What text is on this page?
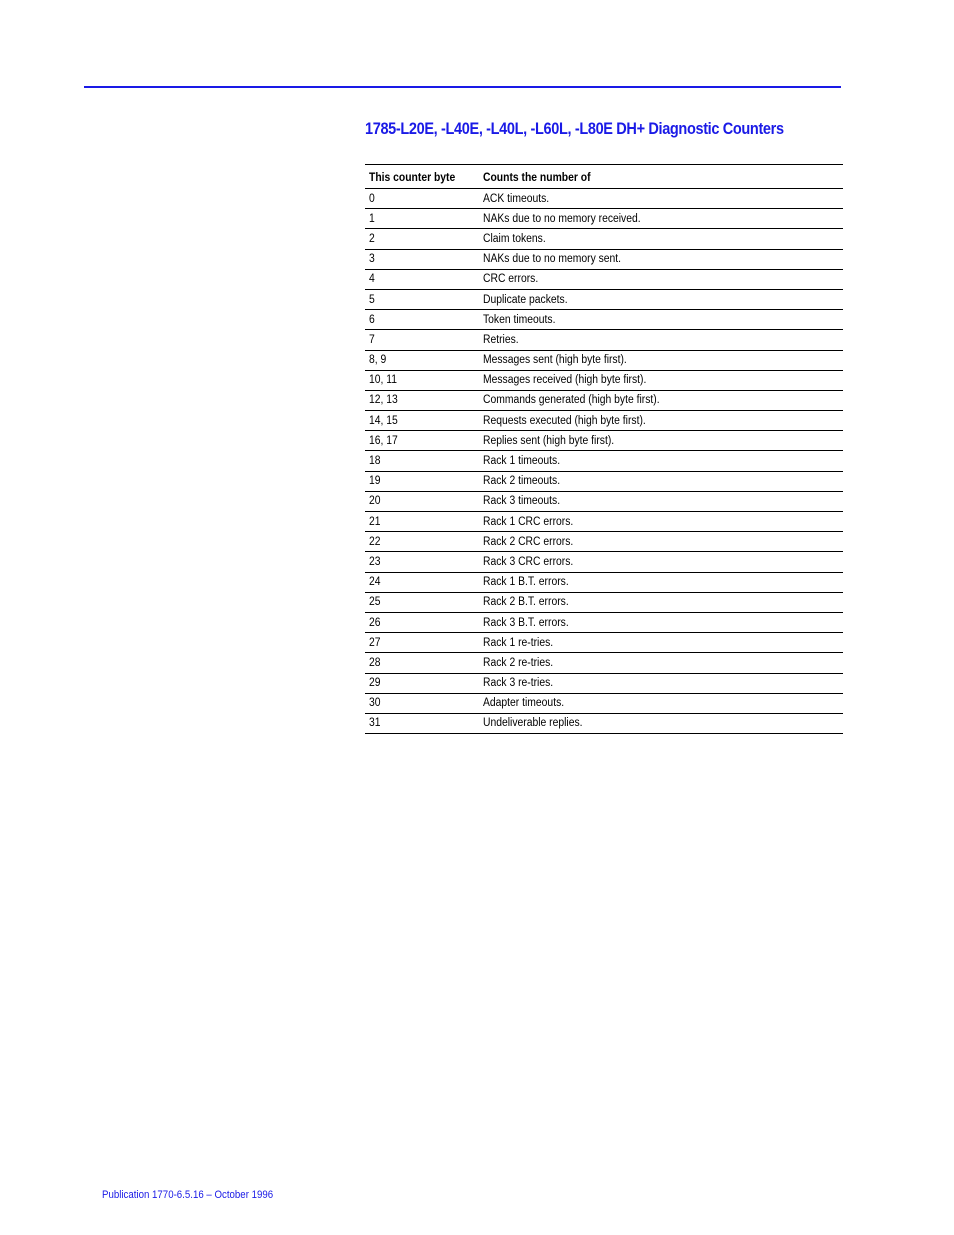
1785-L20E, -L40E, -L40L, -L60L, -L80E DH+ Diagnostic Counters
This counter byte	Counts the number of
0	ACK timeouts.
1	NAKs due to no memory received.
2	Claim tokens.
3	NAKs due to no memory sent.
4	CRC errors.
5	Duplicate packets.
6	Token timeouts.
7	Retries.
8, 9	Messages sent (high byte first).
10, 11	Messages received (high byte first).
12, 13	Commands generated (high byte first).
14, 15	Requests executed (high byte first).
16, 17	Replies sent (high byte first).
18	Rack 1 timeouts.
19	Rack 2 timeouts.
20	Rack 3 timeouts.
21	Rack 1 CRC errors.
22	Rack 2 CRC errors.
23	Rack 3 CRC errors.
24	Rack 1 B.T. errors.
25	Rack 2 B.T. errors.
26	Rack 3 B.T. errors.
27	Rack 1 re-tries.
28	Rack 2 re-tries.
29	Rack 3 re-tries.
30	Adapter timeouts.
31	Undeliverable replies.
Publication 1770-6.5.16 – October 1996
